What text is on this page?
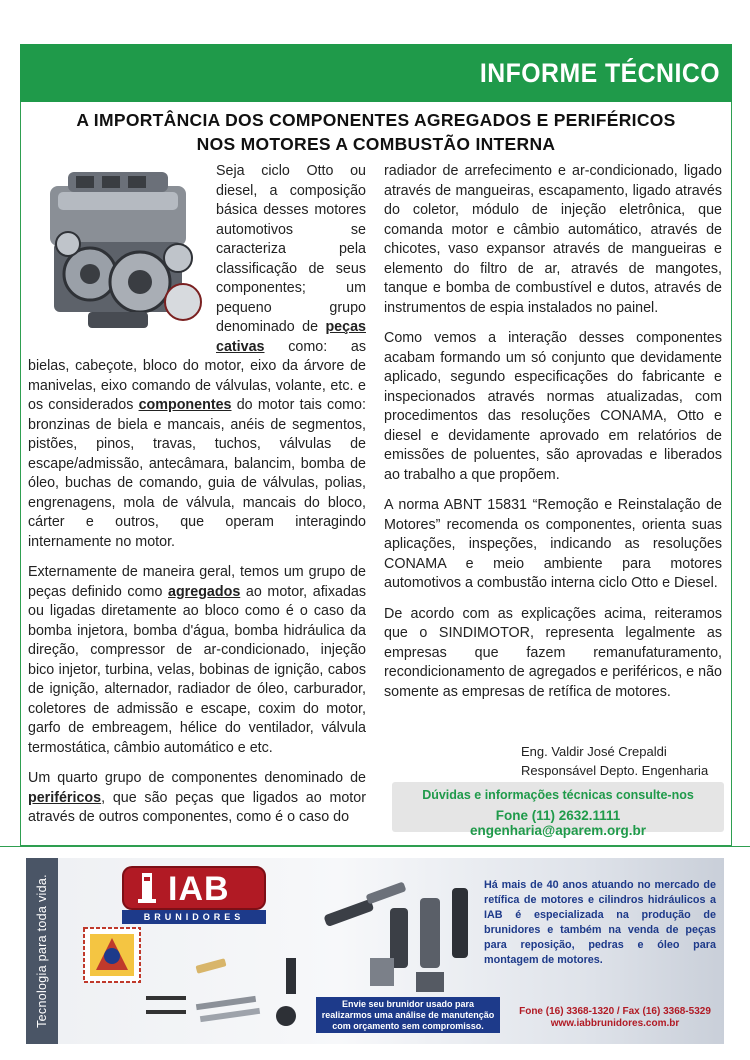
INFORME TÉCNICO
A IMPORTÂNCIA DOS COMPONENTES AGREGADOS E PERIFÉRICOS
NOS MOTORES A COMBUSTÃO INTERNA

Seja ciclo Otto ou diesel, a composição básica desses motores automotivos se caracteriza pela classificação de seus componentes; um pequeno grupo denominado de peças cativas como: as bielas, cabeçote, bloco do motor, eixo da árvore de manivelas, eixo comando de válvulas, volante, etc. e os considerados componentes do motor tais como: bronzinas de biela e mancais, anéis de segmentos, pistões, pinos, travas, tuchos, válvulas de escape/admissão, antecâmara, balancim, bomba de óleo, buchas de comando, guia de válvulas, polias, engrenagens, mola de válvula, mancais do bloco, cárter e outros, que operam interagindo internamente no motor.

Externamente de maneira geral, temos um grupo de peças definido como agregados ao motor, afixadas ou ligadas diretamente ao bloco como é o caso da bomba injetora, bomba d'água, bomba hidráulica da direção, compressor de ar-condicionado, injeção bico injetor, turbina, velas, bobinas de ignição, cabos de ignição, alternador, radiador de óleo, carburador, coletores de admissão e escape, coxim do motor, garfo de embreagem, hélice do ventilador, válvula termostática, câmbio automático e etc.

Um quarto grupo de componentes denominado de periféricos, que são peças que ligados ao motor através de outros componentes, como é o caso do

radiador de arrefecimento e ar-condicionado, ligado através de mangueiras, escapamento, ligado através do coletor, módulo de injeção eletrônica, que comanda motor e câmbio automático, através de chicotes, vaso expansor através de mangueiras e elemento do filtro de ar, através de mangotes, tanque e bomba de combustível e dutos, através de instrumentos de espia instalados no painel.

Como vemos a interação desses componentes acabam formando um só conjunto que devidamente aplicado, segundo especificações do fabricante e inspecionados através normas atualizadas, com procedimentos das resoluções CONAMA, Otto e diesel e devidamente aprovado em relatórios de emissões de poluentes, são aprovadas e liberados ao trabalho a que propõem.

A norma ABNT 15831 “Remoção e Reinstalação de Motores” recomenda os componentes, orienta suas aplicações, inspeções, indicando as resoluções CONAMA e meio ambiente para motores automotivos a combustão interna ciclo Otto e Diesel.

De acordo com as explicações acima, reiteramos que o SINDIMOTOR, representa legalmente as empresas que fazem remanufaturamento, recondicionamento de agregados e periféricos, e não somente as empresas de retífica de motores.

Eng. Valdir José Crepaldi
Responsável Depto. Engenharia
Dúvidas e informações técnicas consulte-nos
Fone (11) 2632.1111 engenharia@aparem.org.br
Tecnologia para toda vida.	IAB
BRUNIDORES
Há mais de 40 anos atuando no mercado de retífica de motores e cilindros hidráulicos a IAB é especializada na produção de brunidores e também na venda de peças para reposição, pedras e óleo para montagem de motores.
Envie seu brunidor usado para
realizarmos uma análise de manutenção
com orçamento sem compromisso.
Fone (16) 3368-1320 / Fax (16) 3368-5329
www.iabbrunidores.com.br
